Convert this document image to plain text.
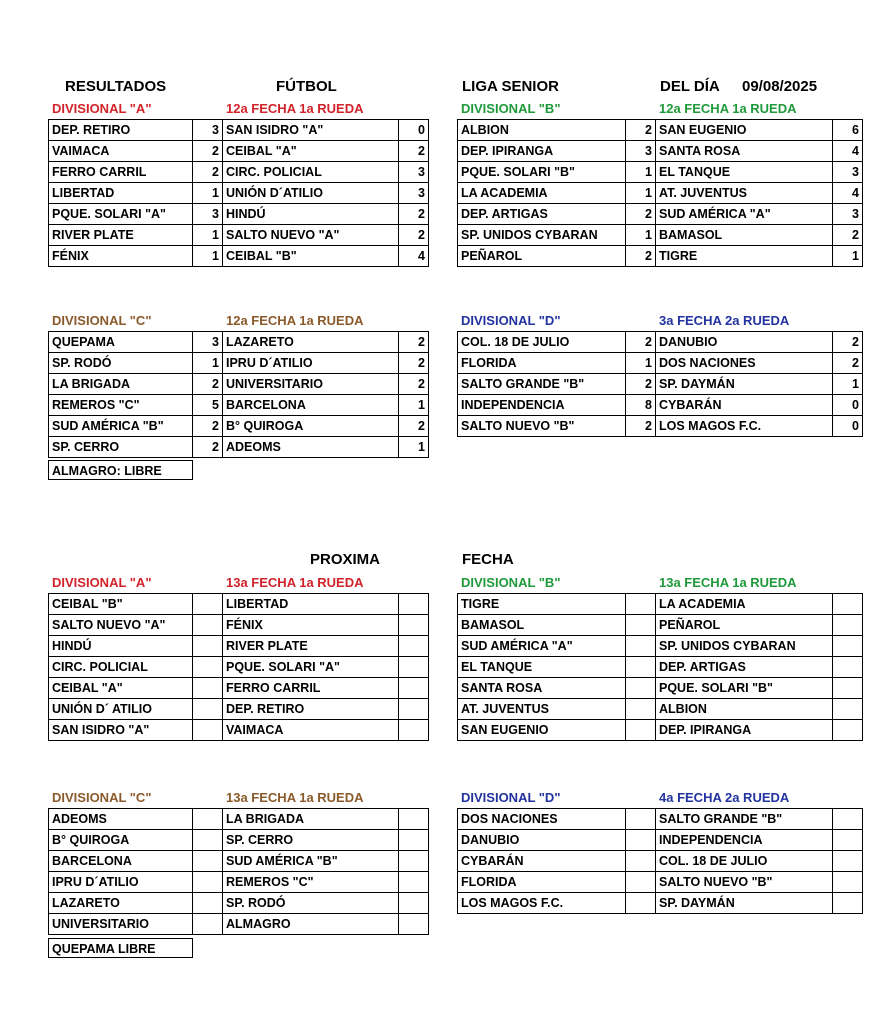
RESULTADOS	FÚTBOL	LIGA SENIOR	DEL DÍA 09/08/2025
DIVISIONAL "A"	12a FECHA 1a RUEDA
DEP. RETIRO	3	SAN ISIDRO "A"	0
VAIMACA	2	CEIBAL "A"	2
FERRO CARRIL	2	CIRC. POLICIAL	3
LIBERTAD	1	UNIÓN D´ATILIO	3
PQUE. SOLARI "A"	3	HINDÚ	2
RIVER PLATE	1	SALTO NUEVO "A"	2
FÉNIX	1	CEIBAL "B"	4
DIVISIONAL "B"	12a FECHA 1a RUEDA
ALBION	2	SAN EUGENIO	6
DEP. IPIRANGA	3	SANTA ROSA	4
PQUE. SOLARI "B"	1	EL TANQUE	3
LA ACADEMIA	1	AT. JUVENTUS	4
DEP. ARTIGAS	2	SUD AMÉRICA "A"	3
SP. UNIDOS CYBARAN	1	BAMASOL	2
PEÑAROL	2	TIGRE	1
DIVISIONAL "C"	12a FECHA 1a RUEDA
QUEPAMA	3	LAZARETO	2
SP. RODÓ	1	IPRU D´ATILIO	2
LA BRIGADA	2	UNIVERSITARIO	2
REMEROS "C"	5	BARCELONA	1
SUD AMÉRICA "B"	2	B° QUIROGA	2
SP. CERRO	2	ADEOMS	1
ALMAGRO: LIBRE
DIVISIONAL "D"	3a FECHA 2a RUEDA
COL. 18 DE JULIO	2	DANUBIO	2
FLORIDA	1	DOS NACIONES	2
SALTO GRANDE "B"	2	SP. DAYMÁN	1
INDEPENDENCIA	8	CYBARÁN	0
SALTO NUEVO "B"	2	LOS MAGOS F.C.	0
PROXIMA	FECHA
DIVISIONAL "A"	13a FECHA 1a RUEDA
CEIBAL "B"		LIBERTAD	
SALTO NUEVO "A"		FÉNIX	
HINDÚ		RIVER PLATE	
CIRC. POLICIAL		PQUE. SOLARI "A"	
CEIBAL "A"		FERRO CARRIL	
UNIÓN D´ ATILIO		DEP. RETIRO	
SAN ISIDRO "A"		VAIMACA	
DIVISIONAL "B"	13a FECHA 1a RUEDA
TIGRE		LA ACADEMIA	
BAMASOL		PEÑAROL	
SUD AMÉRICA "A"		SP. UNIDOS CYBARAN	
EL TANQUE		DEP. ARTIGAS	
SANTA ROSA		PQUE. SOLARI "B"	
AT. JUVENTUS		ALBION	
SAN EUGENIO		DEP. IPIRANGA	
DIVISIONAL "C"	13a FECHA 1a RUEDA
ADEOMS		LA BRIGADA	
B° QUIROGA		SP. CERRO	
BARCELONA		SUD AMÉRICA "B"	
IPRU D´ATILIO		REMEROS "C"	
LAZARETO		SP. RODÓ	
UNIVERSITARIO		ALMAGRO	
QUEPAMA LIBRE
DIVISIONAL "D"	4a FECHA 2a RUEDA
DOS NACIONES		SALTO GRANDE "B"	
DANUBIO		INDEPENDENCIA	
CYBARÁN		COL. 18 DE JULIO	
FLORIDA		SALTO NUEVO "B"	
LOS MAGOS F.C.		SP. DAYMÁN	
